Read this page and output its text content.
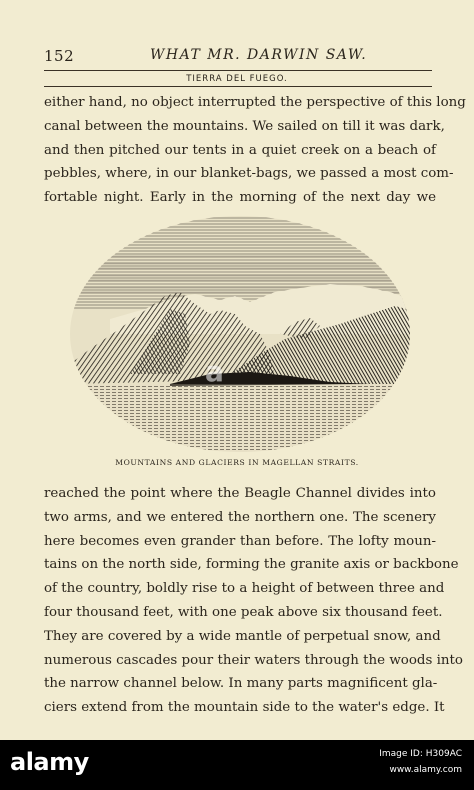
152	WHAT MR. DARWIN SAW.
TIERRA DEL FUEGO.
either hand, no object interrupted the perspective of this long
canal between the mountains. We sailed on till it was dark,
and then pitched our tents in a quiet creek on a beach of
pebbles, where, in our blanket-bags, we passed a most com-
fortable night. Early in the morning of the next day we
a
MOUNTAINS AND GLACIERS IN MAGELLAN STRAITS.
reached the point where the Beagle Channel divides into
two arms, and we entered the northern one. The scenery
here becomes even grander than before. The lofty moun-
tains on the north side, forming the granite axis or backbone
of the country, boldly rise to a height of between three and
four thousand feet, with one peak above six thousand feet.
They are covered by a wide mantle of perpetual snow, and
numerous cascades pour their waters through the woods into
the narrow channel below. In many parts magnificent gla-
ciers extend from the mountain side to the water's edge. It
alamy	Image ID: H309AC
www.alamy.com
